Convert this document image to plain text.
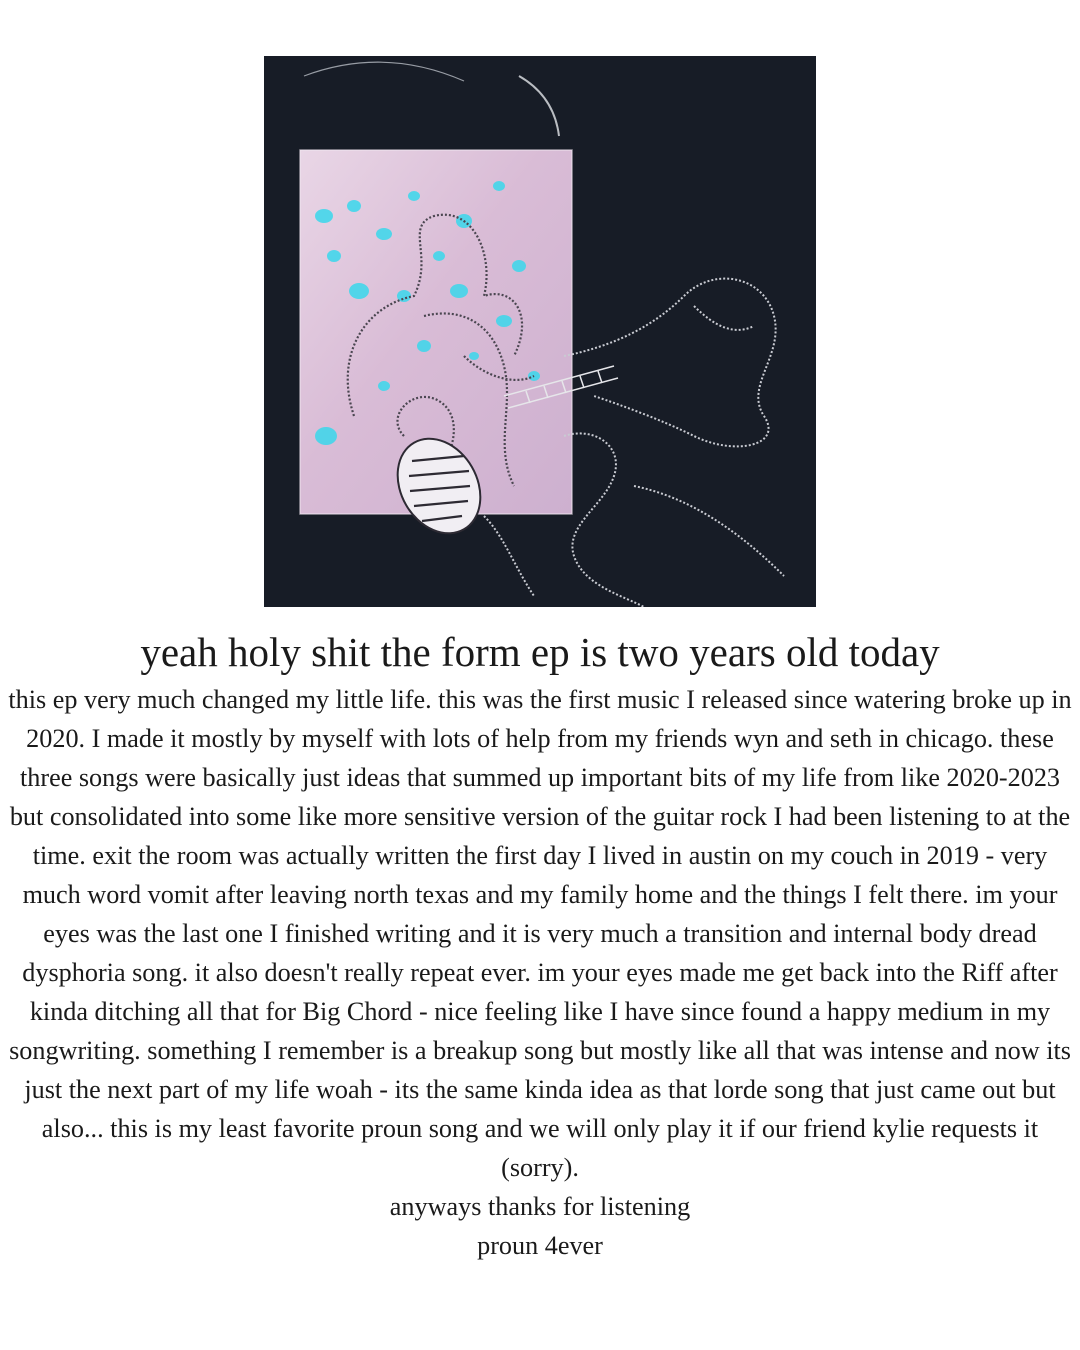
yeah holy shit the form ep is two years old today

this ep very much changed my little life. this was the first music I released since watering broke up in 2020. I made it mostly by myself with lots of help from my friends wyn and seth in chicago. these three songs were basically just ideas that summed up important bits of my life from like 2020-2023 but consolidated into some like more sensitive version of the guitar rock I had been listening to at the time. exit the room was actually written the first day I lived in austin on my couch in 2019 - very much word vomit after leaving north texas and my family home and the things I felt there. im your eyes was the last one I finished writing and it is very much a transition and internal body dread dysphoria song. it also doesn't really repeat ever. im your eyes made me get back into the Riff after kinda ditching all that for Big Chord - nice feeling like I have since found a happy medium in my songwriting. something I remember is a breakup song but mostly like all that was intense and now its just the next part of my life woah - its the same kinda idea as that lorde song that just came out but also... this is my least favorite proun song and we will only play it if our friend kylie requests it (sorry).

anyways thanks for listening

proun 4ever
